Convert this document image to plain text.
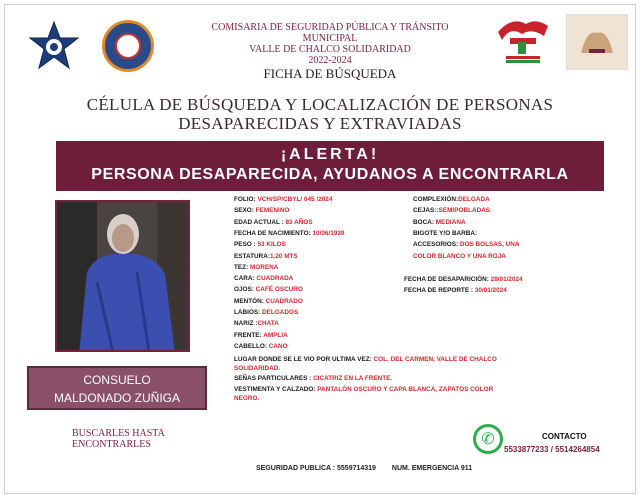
COMISARIA DE SEGURIDAD PÚBLICA Y TRÁNSITO
MUNICIPAL
VALLE DE CHALCO SOLIDARIDAD
2022-2024
FICHA DE BÚSQUEDA
CÉLULA DE BÚSQUEDA Y LOCALIZACIÓN DE PERSONAS
DESAPARECIDAS Y EXTRAVIADAS
¡ALERTA!
PERSONA DESAPARECIDA, AYUDANOS A ENCONTRARLA
CONSUELO
MALDONADO ZUÑIGA
BUSCARLES HASTA
ENCONTRARLES
FOLIO: VCH/SP/CBYL/ 045 /2024
SEXO: FEMENINO
EDAD ACTUAL : 83 AÑOS
FECHA DE NACIMIENTO: 10/06/1939
PESO : 53 KILOS
ESTATURA:1.20 MTS
TEZ: MORENA
CARA: CUADRADA
OJOS: CAFÉ OSCURO
MENTÓN: CUADRADO
LABIOS: DELGADOS
NARIZ :CHATA
FRENTE: AMPLIA
CABELLO: CANO
COMPLEXIÓN:DELGADA
CEJAS::SEMIPOBLADAS
BOCA: MEDIANA
BIGOTE Y/O BARBA:
ACCESORIOS: DOS BOLSAS, UNA
COLOR BLANCO Y UNA ROJA
FECHA DE DESAPARICIÓN: 28/01/2024
FECHA DE REPORTE : 30/01/2024
LUGAR DONDE SE LE VIO POR ULTIMA VEZ: COL. DEL CARMEN, VALLE DE CHALCO
SOLIDARIDAD.
SEÑAS PARTICULARES : CICATRIZ EN LA FRENTE.
VESTIMENTA Y CALZADO: PANTALÓN OSCURO Y CAPA BLANCA, ZAPATOS COLOR
NEGRO.
✆	CONTACTO
5533877233 / 5514264854
SEGURIDAD PUBLICA : 5559714319 NUM. EMERGENCIA 911
